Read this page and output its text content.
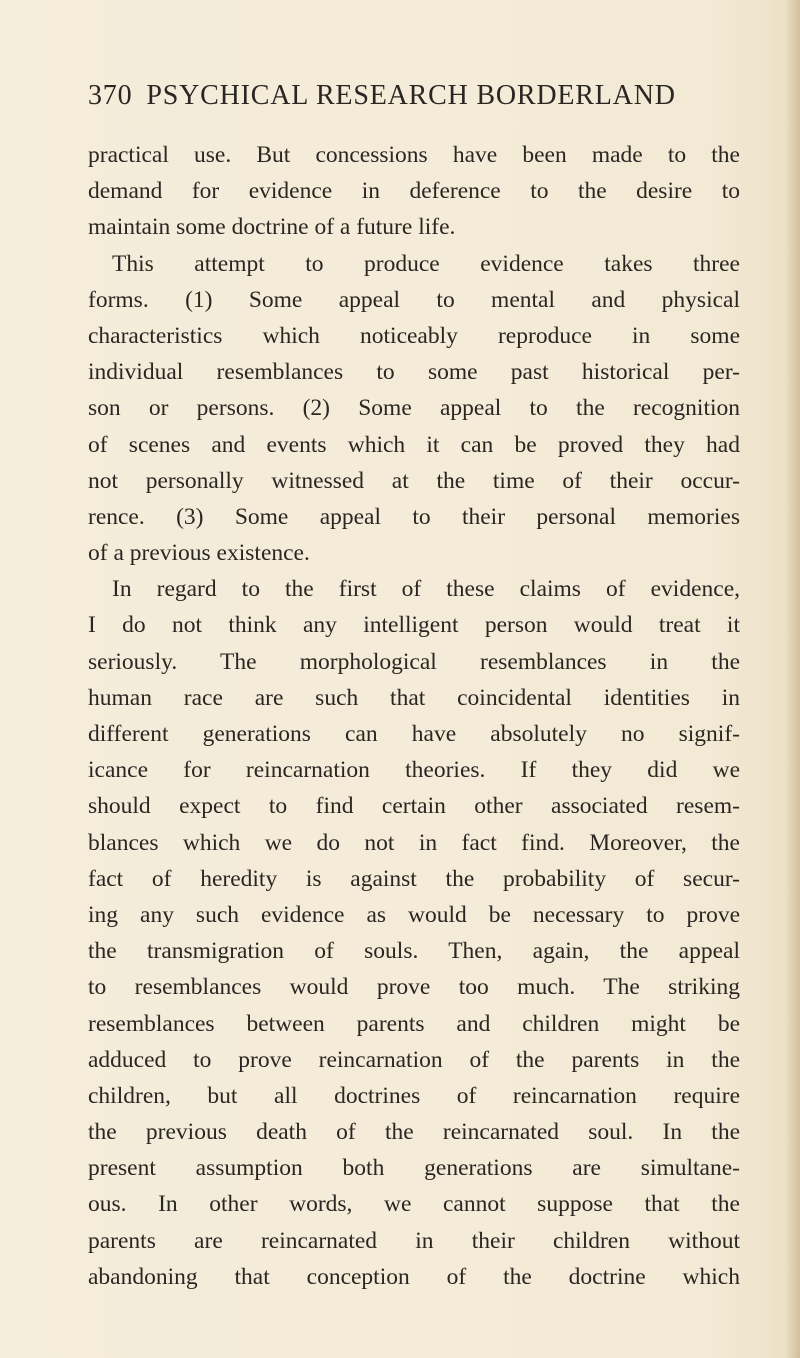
370 PSYCHICAL RESEARCH BORDERLAND
practical use. But concessions have been made to the
demand for evidence in deference to the desire to
maintain some doctrine of a future life.
This attempt to produce evidence takes three
forms. (1) Some appeal to mental and physical
characteristics which noticeably reproduce in some
individual resemblances to some past historical per-
son or persons. (2) Some appeal to the recognition
of scenes and events which it can be proved they had
not personally witnessed at the time of their occur-
rence. (3) Some appeal to their personal memories
of a previous existence.
In regard to the first of these claims of evidence,
I do not think any intelligent person would treat it
seriously. The morphological resemblances in the
human race are such that coincidental identities in
different generations can have absolutely no signif-
icance for reincarnation theories. If they did we
should expect to find certain other associated resem-
blances which we do not in fact find. Moreover, the
fact of heredity is against the probability of secur-
ing any such evidence as would be necessary to prove
the transmigration of souls. Then, again, the appeal
to resemblances would prove too much. The striking
resemblances between parents and children might be
adduced to prove reincarnation of the parents in the
children, but all doctrines of reincarnation require
the previous death of the reincarnated soul. In the
present assumption both generations are simultane-
ous. In other words, we cannot suppose that the
parents are reincarnated in their children without
abandoning that conception of the doctrine which
